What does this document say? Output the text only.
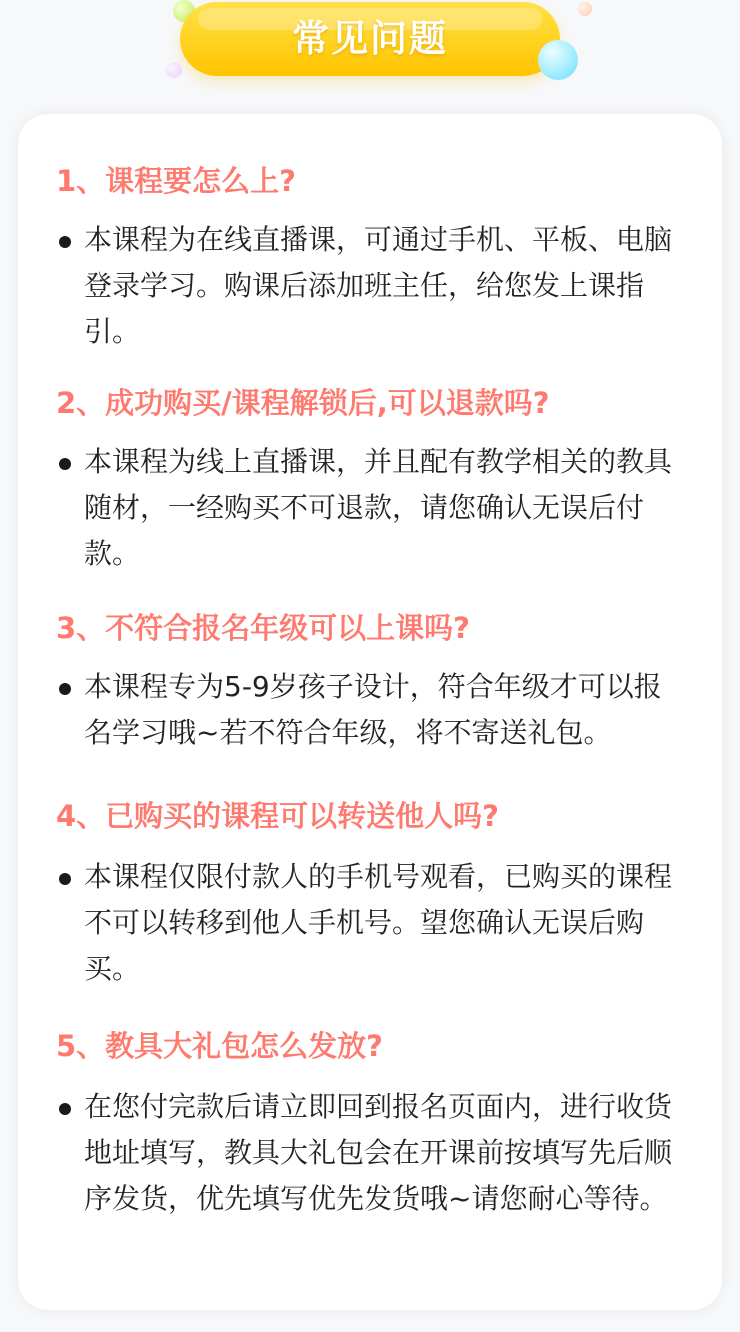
常见问题
1、课程要怎么上?

本课程为在线直播课，可通过手机、平板、电脑登录学习。购课后添加班主任，给您发上课指引。

2、成功购买/课程解锁后,可以退款吗?

本课程为线上直播课，并且配有教学相关的教具随材，一经购买不可退款，请您确认无误后付款。

3、不符合报名年级可以上课吗?

本课程专为5-9岁孩子设计，符合年级才可以报名学习哦~若不符合年级，将不寄送礼包。

4、已购买的课程可以转送他人吗?

本课程仅限付款人的手机号观看，已购买的课程不可以转移到他人手机号。望您确认无误后购买。

5、教具大礼包怎么发放?

在您付完款后请立即回到报名页面内，进行收货地址填写，教具大礼包会在开课前按填写先后顺序发货，优先填写优先发货哦~请您耐心等待。
